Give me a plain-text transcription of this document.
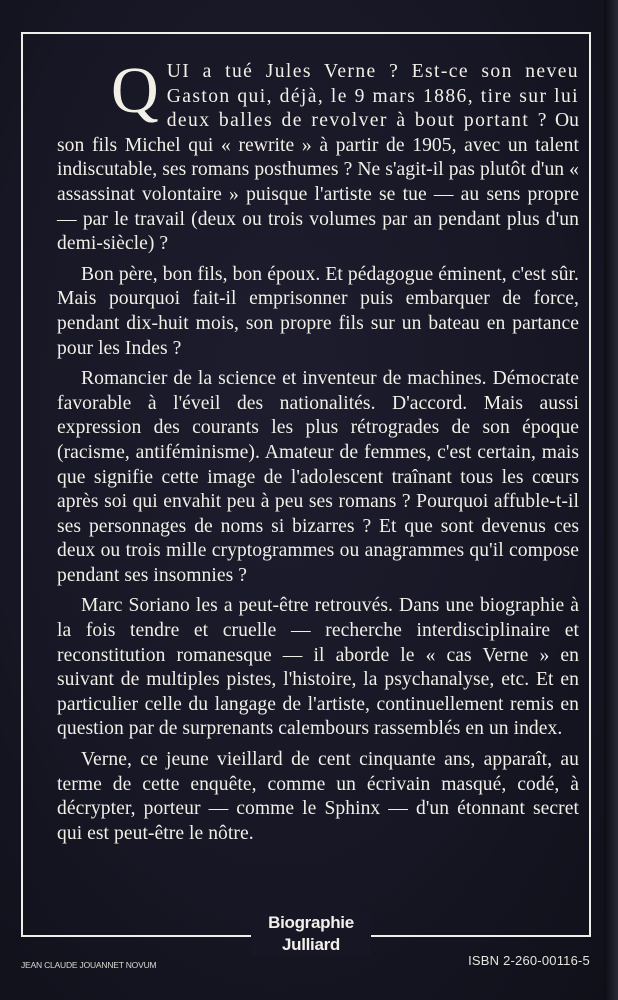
QUI a tué Jules Verne ? Est-ce son neveu Gaston qui, déjà, le 9 mars 1886, tire sur lui deux balles de revolver à bout portant ? Ou son fils Michel qui « rewrite » à partir de 1905, avec un talent indiscutable, ses romans posthumes ? Ne s'agit-il pas plutôt d'un « assassinat volontaire » puisque l'artiste se tue — au sens propre — par le travail (deux ou trois volumes par an pendant plus d'un demi-siècle) ?

Bon père, bon fils, bon époux. Et pédagogue éminent, c'est sûr. Mais pourquoi fait-il emprisonner puis embarquer de force, pendant dix-huit mois, son propre fils sur un bateau en partance pour les Indes ?

Romancier de la science et inventeur de machines. Démocrate favorable à l'éveil des nationalités. D'accord. Mais aussi expression des courants les plus rétrogrades de son époque (racisme, antiféminisme). Amateur de femmes, c'est certain, mais que signifie cette image de l'adolescent traînant tous les cœurs après soi qui envahit peu à peu ses romans ? Pourquoi affuble-t-il ses personnages de noms si bizarres ? Et que sont devenus ces deux ou trois mille cryptogrammes ou anagrammes qu'il compose pendant ses insomnies ?

Marc Soriano les a peut-être retrouvés. Dans une biographie à la fois tendre et cruelle — recherche interdisciplinaire et reconstitution romanesque — il aborde le « cas Verne » en suivant de multiples pistes, l'histoire, la psychanalyse, etc. Et en particulier celle du langage de l'artiste, continuellement remis en question par de surprenants calembours rassemblés en un index.

Verne, ce jeune vieillard de cent cinquante ans, apparaît, au terme de cette enquête, comme un écrivain masqué, codé, à décrypter, porteur — comme le Sphinx — d'un étonnant secret qui est peut-être le nôtre.

Biographie
Julliard
JEAN CLAUDE JOUANNET NOVUM	ISBN 2-260-00116-5
